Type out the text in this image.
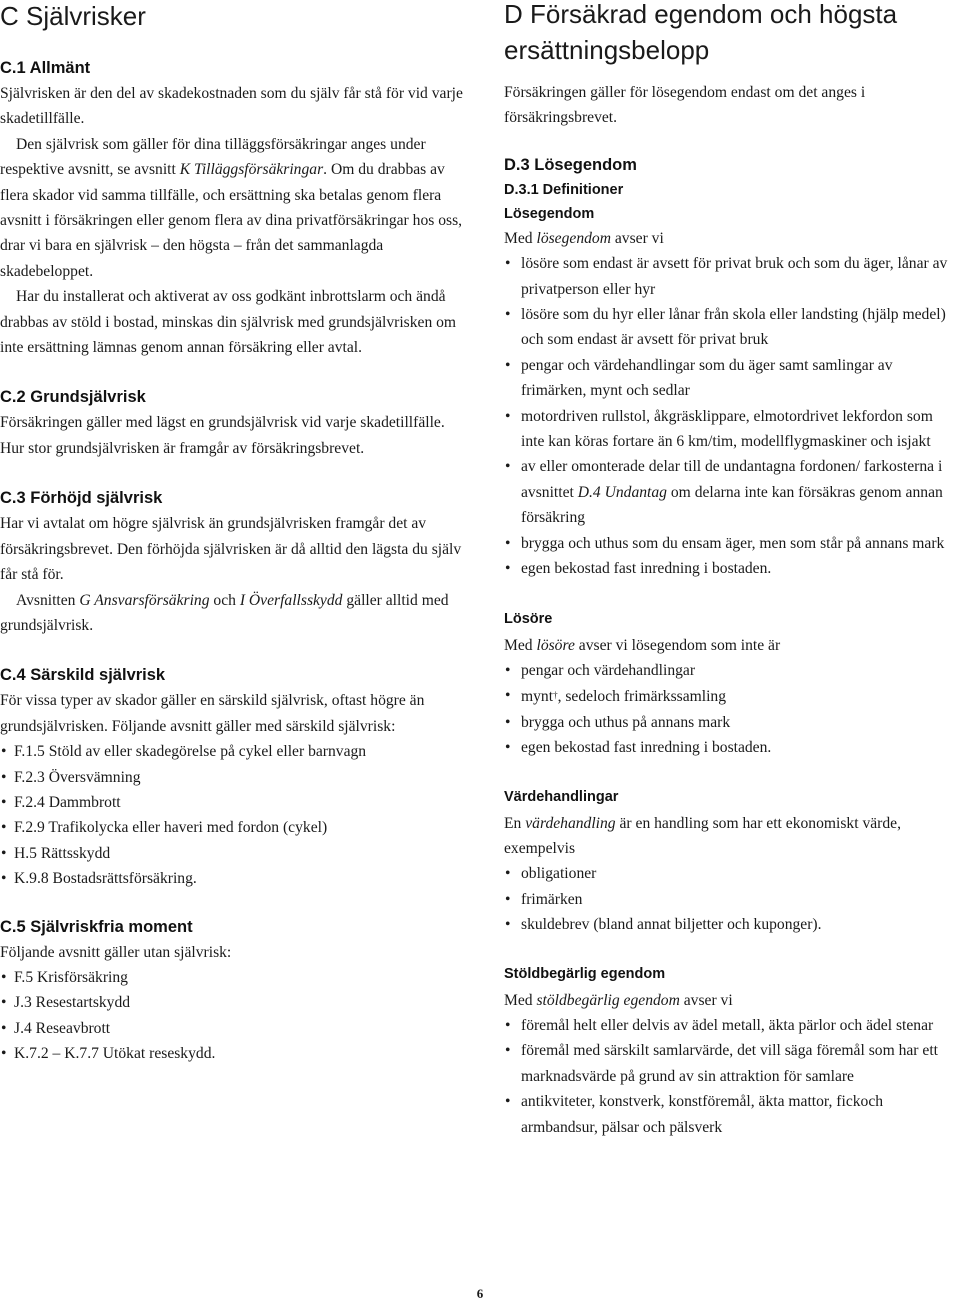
C Självrisker
C.1 Allmänt

Självrisken är den del av skadekostnaden som du själv får stå för vid varje skadetillfälle.

Den självrisk som gäller för dina tilläggsförsäkringar anges under respektive avsnitt, se avsnitt K Tilläggsförsäkringar. Om du drabbas av flera skador vid samma tillfälle, och ersättning ska betalas genom flera avsnitt i försäkringen eller genom flera av dina privatförsäkringar hos oss, drar vi bara en självrisk – den högsta – från det sammanlagda skadebeloppet.

Har du installerat och aktiverat av oss godkänt inbrottslarm och ändå drabbas av stöld i bostad, minskas din självrisk med grundsjälvrisken om inte ersättning lämnas genom annan försäkring eller avtal.

C.2 Grundsjälvrisk

Försäkringen gäller med lägst en grundsjälvrisk vid varje skadetillfälle. Hur stor grundsjälvrisken är framgår av försäkringsbrevet.

C.3 Förhöjd självrisk

Har vi avtalat om högre självrisk än grundsjälvrisken framgår det av försäkringsbrevet. Den förhöjda självrisken är då alltid den lägsta du själv får stå för.

Avsnitten G Ansvarsförsäkring och I Överfallsskydd gäller alltid med grundsjälvrisk.

C.4 Särskild självrisk

För vissa typer av skador gäller en särskild självrisk, oftast högre än grundsjälvrisken. Följande avsnitt gäller med särskild självrisk:

• F.1.5 Stöld av eller skadegörelse på cykel eller barnvagn
• F.2.3 Översvämning
• F.2.4 Dammbrott
• F.2.9 Trafikolycka eller haveri med fordon (cykel)
• H.5 Rättsskydd
• K.9.8 Bostadsrättsförsäkring.
C.5 Självriskfria moment

Följande avsnitt gäller utan självrisk:

• F.5 Krisförsäkring
• J.3 Resestartskydd
• J.4 Reseavbrott
• K.7.2 – K.7.7 Utökat reseskydd.
D Försäkrad egendom och högsta ersättningsbelopp

Försäkringen gäller för lösegendom endast om det anges i försäkringsbrevet.

D.3 Lösegendom
D.3.1 Definitioner
Lösegendom

Med lösegendom avser vi

• lösöre som endast är avsett för privat bruk och som du äger, lånar av privatperson eller hyr
• lösöre som du hyr eller lånar från skola eller landsting (hjälp medel) och som endast är avsett för privat bruk
• pengar och värdehandlingar som du äger samt samlingar av frimärken, mynt och sedlar
• motordriven rullstol, åkgräsklippare, elmotordrivet lekfordon som inte kan köras fortare än 6 km/tim, modellflygmaskiner och isjakt
• av eller omonterade delar till de undantagna fordonen/ farkosterna i avsnittet D.4 Undantag om delarna inte kan försäkras genom annan försäkring
• brygga och uthus som du ensam äger, men som står på annans mark
• egen bekostad fast inredning i bostaden.
Lösöre

Med lösöre avser vi lösegendom som inte är

• pengar och värdehandlingar
• mynt†, sedeloch frimärkssamling
• brygga och uthus på annans mark
• egen bekostad fast inredning i bostaden.
Värdehandlingar

En värdehandling är en handling som har ett ekonomiskt värde, exempelvis

• obligationer
• frimärken
• skuldebrev (bland annat biljetter och kuponger).
Stöldbegärlig egendom

Med stöldbegärlig egendom avser vi

• föremål helt eller delvis av ädel metall, äkta pärlor och ädel stenar
• föremål med särskilt samlarvärde, det vill säga föremål som har ett marknadsvärde på grund av sin attraktion för samlare
• antikviteter, konstverk, konstföremål, äkta mattor, fickoch armbandsur, pälsar och pälsverk
6
